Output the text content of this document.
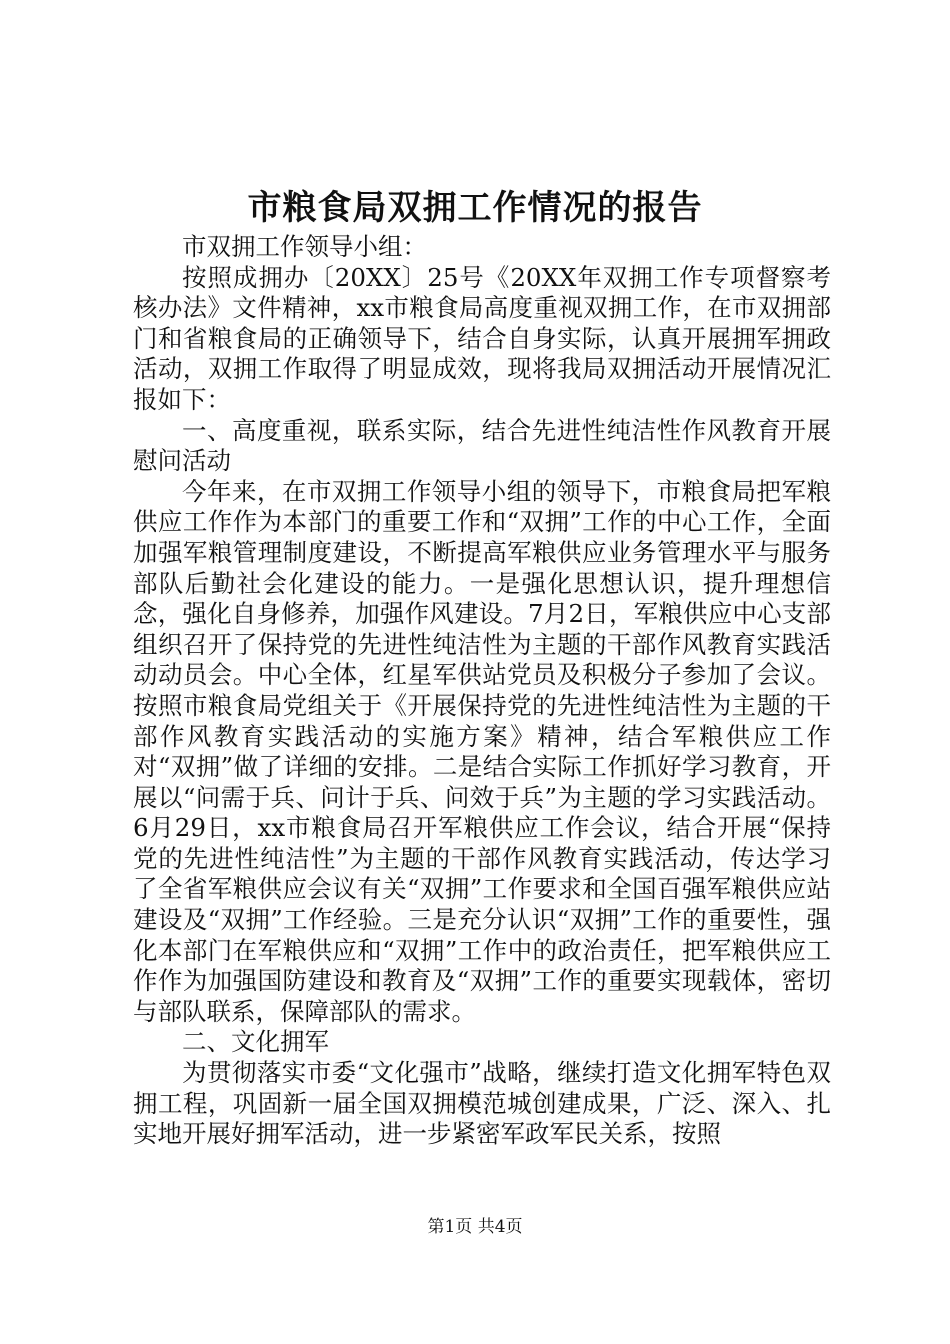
市粮食局双拥工作情况的报告

市双拥工作领导小组：

按照成拥办〔20XX〕25号《20XX年双拥工作专项督察考核办法》文件精神，xx市粮食局高度重视双拥工作，在市双拥部门和省粮食局的正确领导下，结合自身实际，认真开展拥军拥政活动，双拥工作取得了明显成效，现将我局双拥活动开展情况汇报如下：

一、高度重视，联系实际，结合先进性纯洁性作风教育开展慰问活动

今年来，在市双拥工作领导小组的领导下，市粮食局把军粮供应工作作为本部门的重要工作和“双拥”工作的中心工作，全面加强军粮管理制度建设，不断提高军粮供应业务管理水平与服务部队后勤社会化建设的能力。一是强化思想认识，提升理想信念，强化自身修养，加强作风建设。7月2日，军粮供应中心支部组织召开了保持党的先进性纯洁性为主题的干部作风教育实践活动动员会。中心全体，红星军供站党员及积极分子参加了会议。按照市粮食局党组关于《开展保持党的先进性纯洁性为主题的干部作风教育实践活动的实施方案》精神，结合军粮供应工作对“双拥”做了详细的安排。二是结合实际工作抓好学习教育，开展以“问需于兵、问计于兵、问效于兵”为主题的学习实践活动。6月29日，xx市粮食局召开军粮供应工作会议，结合开展“保持党的先进性纯洁性”为主题的干部作风教育实践活动，传达学习了全省军粮供应会议有关“双拥”工作要求和全国百强军粮供应站建设及“双拥”工作经验。三是充分认识“双拥”工作的重要性，强化本部门在军粮供应和“双拥”工作中的政治责任，把军粮供应工作作为加强国防建设和教育及“双拥”工作的重要实现载体，密切与部队联系，保障部队的需求。

二、文化拥军

为贯彻落实市委“文化强市”战略，继续打造文化拥军特色双拥工程，巩固新一届全国双拥模范城创建成果，广泛、深入、扎实地开展好拥军活动，进一步紧密军政军民关系，按照

第1页 共4页
